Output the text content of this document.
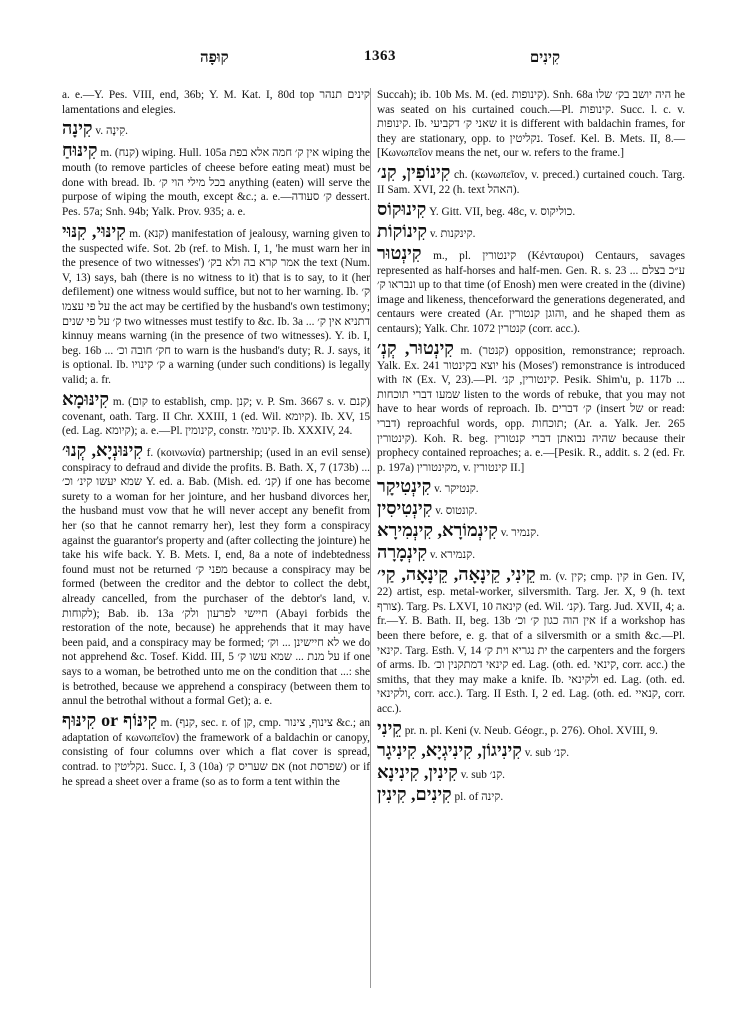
קוּפָה	1363	קִינִים

a. e.—Y. Pes. VIII, end, 36b; Y. M. Kat. I, 80d top קינים תנהר lamentations and elegies.

קִינָה v. קִינָה.

קִינּוּחַ m. (קנח) wiping. Hull. 105a אין ק׳ חמה אלא בפת wiping the mouth (to remove particles of cheese before eating meat) must be done with bread. Ib. בכל מילי הוי ק׳ anything (eaten) will serve the purpose of wiping the mouth, except &c.; a. e.—ק׳ סעודה dessert. Pes. 57a; Snh. 94b; Yalk. Prov. 935; a. e.

קִינּוּי, קִנּוּי m. (קנא) manifestation of jealousy, warning given to the suspected wife. Sot. 2b (ref. to Mish. I, 1, 'he must warn her in the presence of two witnesses') אמר קרא בה ולא בק׳ the text (Num. V, 13) says, bah (there is no witness to it) that is to say, to it (her defilement) one witness would suffice, but not to her warning. Ib. ק׳ על פי עצמו the act may be certified by the husband's own testimony; ק׳ על פי שנים two witnesses must testify to &c. Ib. 3a ... דתניא אין ק׳ kinnuy means warning (in the presence of two witnesses). Y. ib. I, beg. 16b ... חק׳ חובה וכ׳ to warn is the husband's duty; R. J. says, it is optional. Ib. ק׳ קינויו a warning (under such conditions) is legally valid; a. fr.

קִינּוּמָא m. (קום to establish, cmp. קנן; v. P. Sm. 3667 s. v. קנם) covenant, oath. Targ. II Chr. XXIII, 1 (ed. Wil. קיומא). Ib. XV, 15 (ed. Lag. קיומא); a. e.—Pl. קינומין, constr. קינומי. Ib. XXXIV, 24.

קִינּוּנְיָא, קְנוּ׳ f. (κοινωνία) partnership; (used in an evil sense) conspiracy to defraud and divide the profits. B. Bath. X, 7 (173b) ... שמא יעשו קינ׳ וכ׳ Y. ed. a. Bab. (Mish. ed. קנ׳) if one has become surety to a woman for her jointure, and her husband divorces her, the husband must vow that he will never accept any benefit from her (so that he cannot remarry her), lest they form a conspiracy against the guarantor's property and (after collecting the jointure) he take his wife back. Y. B. Mets. I, end, 8a a note of indebtedness found must not be returned מפני ק׳ because a conspiracy may be formed (between the creditor and the debtor to collect the debt, already cancelled, from the purchaser of the debtor's land, v. לקוחות); Bab. ib. 13a חיישי לפרעון ולק׳ (Abayi forbids the restoration of the note, because) he apprehends that it may have been paid, and a conspiracy may be formed; לא חיישינן ... וק׳ we do not apprehend &c. Tosef. Kidd. III, 5 על מנת ... שמא עשו ק׳ if one says to a woman, be betrothed unto me on the condition that ...: she is betrothed, because we apprehend a conspiracy (between them to annul the betrothal without a formal Get); a. e.

קִינּוֹף or קִינּוּף m. (קנף, sec. r. of קן, cmp. צינוף, צינור &c.; an adaptation of κωνωπεῖον) the framework of a baldachin or canopy, consisting of four columns over which a flat cover is spread, contrad. to נקליטין. Succ. I, 3 (10a) אם שעריס ק׳ (not שפרסת) or if he spread a sheet over a frame (so as to form a tent within the

Succah); ib. 10b Ms. M. (ed. קינופות). Snh. 68a היה יושב בק׳ שלו he was seated on his curtained couch.—Pl. קינופות. Succ. l. c. v. קינופות. Ib. שאני ק׳ דקביעי it is different with baldachin frames, for they are stationary, opp. to נקליטין. Tosef. Kel. B. Mets. II, 8.—[Κωνωπεῖον means the net, our w. refers to the frame.]

קִינוֹפִין, קִנ׳ ch. (κωνωπεῖον, v. preced.) curtained couch. Targ. II Sam. XVI, 22 (h. text האהל).

קִינוּקוֹס Y. Gitt. VII, beg. 48c, v. כוליקוס.

קִינוֹקוֹת v. קינקנות.

קִינְטוּר m., pl. קינטורין (Κένταυροι) Centaurs, savages represented as half-horses and half-men. Gen. R. s. 23 ע״כ בצלם ... ונבראו ק׳ up to that time (of Enosh) men were created in the (divine) image and likeness, thenceforward the generations degenerated, and centaurs were created (Ar. והוגן קנטורין, and he shaped them as centaurs); Yalk. Chr. 1072 קנטרין (corr. acc.).

קִינְטוּר, קְנְ׳ m. (קנטר) opposition, remonstrance; reproach. Yalk. Ex. 241 יוצא בקינטור his (Moses') remonstrance is introduced with אז (Ex. V, 23).—Pl. קינטורין, קנ׳. Pesik. Shim'u, p. 117b ... שמעו דברי תוכחות listen to the words of rebuke, that you may not have to hear words of reproach. Ib. ק׳ דברים (insert של or read: דברי) reproachful words, opp. תוכחות; (Ar. a. Yalk. Jer. 265 קינטורין). Koh. R. beg. שהיה נבואתן דברי קנטורין because their prophecy contained reproaches; a. e.—[Pesik. R., addit. s. 2 (ed. Fr. p. 197a) מקינטורין, v. קינטורין II.]

קִינְטִיקָר v. קנטיקר.

קִינְטִיסִין v. קונטוס.

קִינְמוֹרָא, קִינְמִירָא v. קנמיר.

קִינְמָרָה v. קנמירא.

קֵינִי, קֵינָאָה, קֵינָאָה, קַי׳ m. (v. קין; cmp. קין in Gen. IV, 22) artist, esp. metal-worker, silversmith. Targ. Jer. X, 9 (h. text צורף). Targ. Ps. LXVI, 10 קינאה (ed. Wil. קנ׳). Targ. Jud. XVII, 4; a. fr.—Y. B. Bath. II, beg. 13b אין הוה כגון ק׳ וכ׳ if a workshop has been there before, e. g. that of a silversmith or a smith &c.—Pl. קינאי. Targ. Esth. V, 14 ית נגריא וית ק׳ the carpenters and the forgers of arms. Ib. קינאי דמתקנין וכ׳ ed. Lag. (oth. ed. קינאי, corr. acc.) the smiths, that they may make a knife. Ib. ולקינאי ed. Lag. (oth. ed. ולקינאי, corr. acc.). Targ. II Esth. I, 2 ed. Lag. (oth. ed. קנאיי, corr. acc.).

קֵינִי pr. n. pl. Keni (v. Neub. Géogr., p. 276). Ohol. XVIII, 9.

קִינִיגוֹן, קִינִיגְיָא, קִינִיגָר v. sub קנ׳.

קִינִין, קִינִינָא v. sub קנ׳.

קִינִים, קִינִין pl. of קינה.
